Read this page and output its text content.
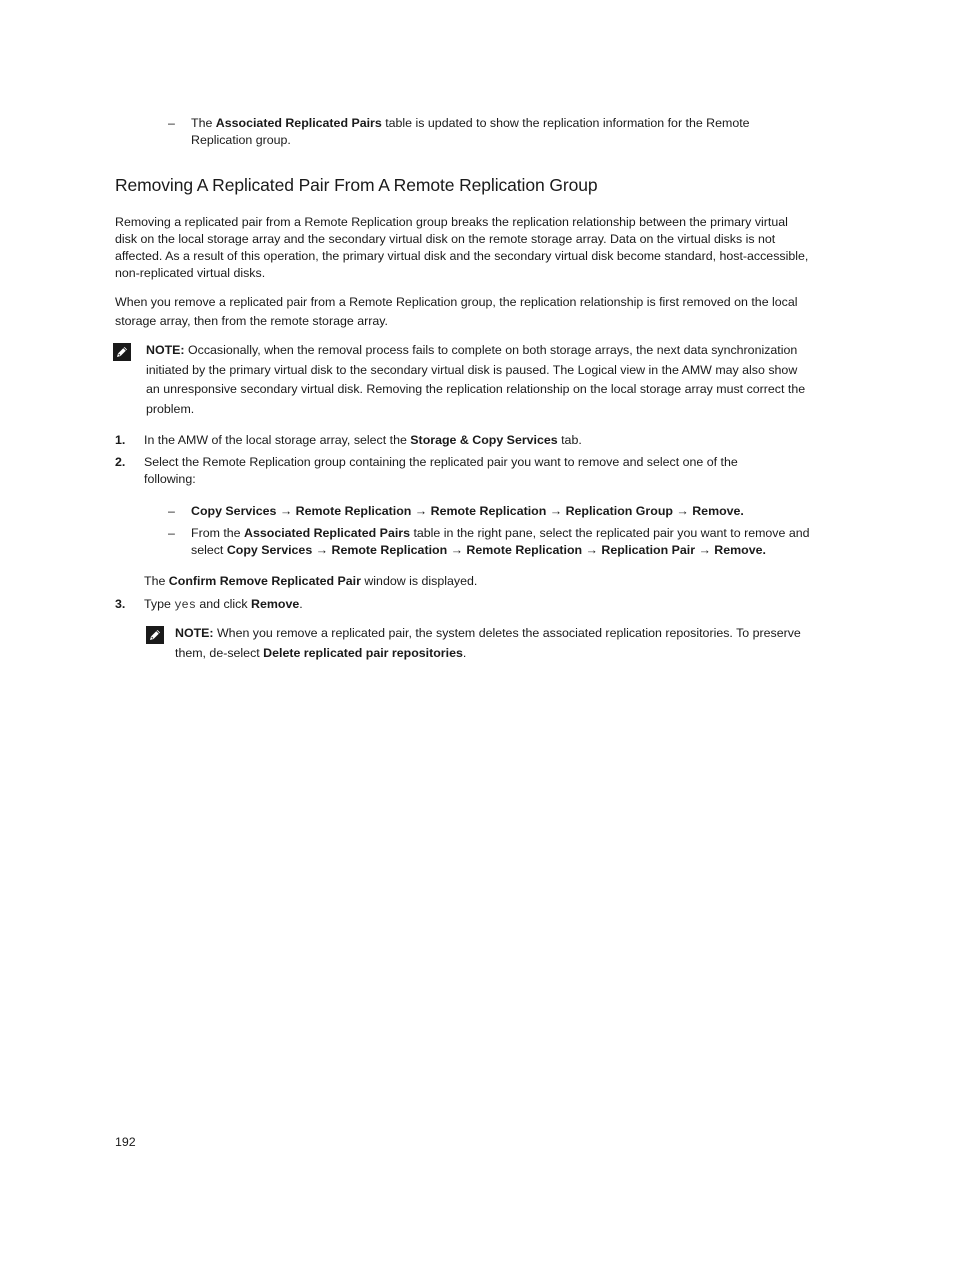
–	The Associated Replicated Pairs table is updated to show the replication information for the Remote Replication group.

Removing A Replicated Pair From A Remote Replication Group

Removing a replicated pair from a Remote Replication group breaks the replication relationship between the primary virtual disk on the local storage array and the secondary virtual disk on the remote storage array. Data on the virtual disks is not affected. As a result of this operation, the primary virtual disk and the secondary virtual disk become standard, host-accessible, non-replicated virtual disks.

When you remove a replicated pair from a Remote Replication group, the replication relationship is first removed on the local storage array, then from the remote storage array.

NOTE: Occasionally, when the removal process fails to complete on both storage arrays, the next data synchronization initiated by the primary virtual disk to the secondary virtual disk is paused. The Logical view in the AMW may also show an unresponsive secondary virtual disk. Removing the replication relationship on the local storage array must correct the problem.

1. In the AMW of the local storage array, select the Storage & Copy Services tab.

2. Select the Remote Replication group containing the replicated pair you want to remove and select one of the following:

–	Copy Services → Remote Replication → Remote Replication → Replication Group → Remove.

–	From the Associated Replicated Pairs table in the right pane, select the replicated pair you want to remove and select Copy Services → Remote Replication → Remote Replication → Replication Pair → Remove.

The Confirm Remove Replicated Pair window is displayed.

3. Type yes and click Remove.

NOTE: When you remove a replicated pair, the system deletes the associated replication repositories. To preserve them, de-select Delete replicated pair repositories.

192
